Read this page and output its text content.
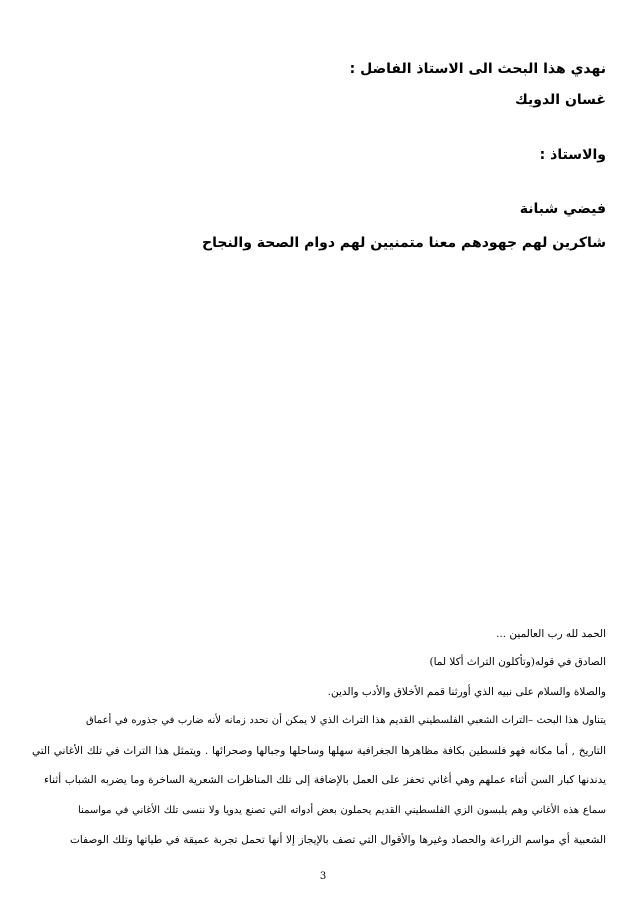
نهدي هذا البحث الى الاستاذ الفاضل :
غسان الدويك
والاستاذ :
فيضي شبانة
شاكرين لهم جهودهم معنا متمنيين لهم دوام الصحة والنجاح
الحمد لله رب العالمين ...
الصادق في قوله(وتأكلون التراث أكلا لما)
والصلاة والسلام على نبيه الذي أورثنا قمم الأخلاق والأدب والدين.
يتناول هذا البحث –التراث الشعبي الفلسطيني القديم هذا التراث الذي لا يمكن أن نحدد زمانه لأنه ضارب في جذوره في أعماق
التاريخ , أما مكانه فهو فلسطين بكافة مظاهرها الجغرافية سهلها وساحلها وجبالها وصحرائها . ويتمثل هذا التراث في تلك الأغاني التي
يدندنها كبار السن أثناء عملهم وهي أغاني تحفز على العمل بالإضافة إلى تلك المناظرات الشعرية الساخرة وما يضربه الشباب أثناء
سماع هذه الأغاني وهم يلبسون الزي الفلسطيني القديم يحملون بعض أدواته التي تصنع يدويا ولا ننسى تلك الأغاني في مواسمنا
الشعبية أي مواسم الزراعة والحصاد وغيرها والأقوال التي تصف بالإيجاز إلا أنها تحمل تجربة عميقة في طياتها وتلك الوصفات
3
